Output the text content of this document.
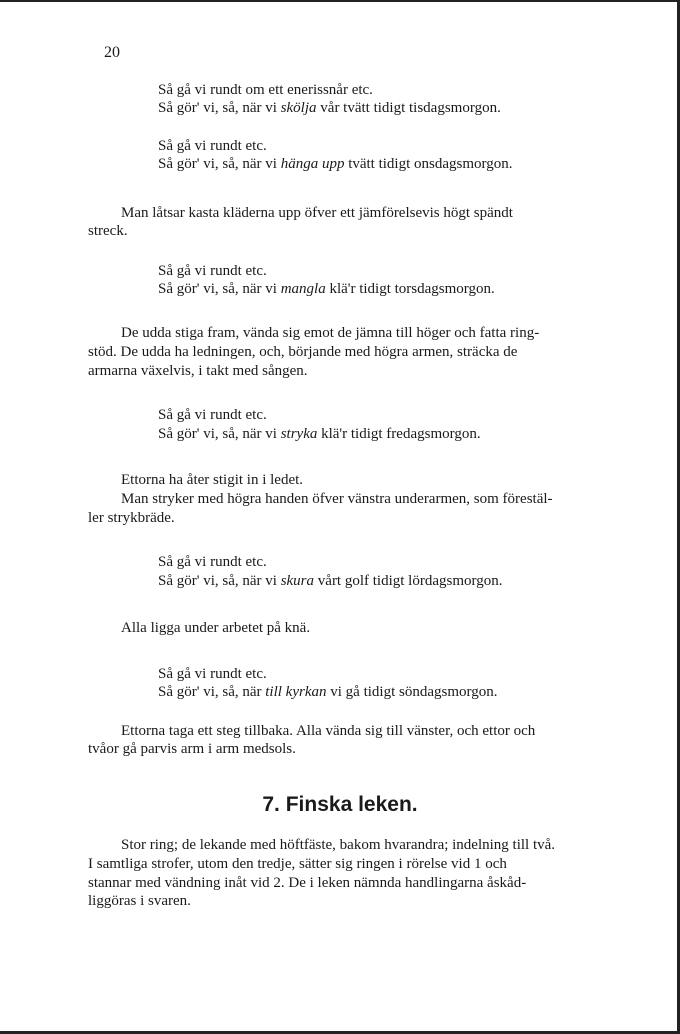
20
Så gå vi rundt om ett enerissnår etc.
Så gör' vi, så, när vi skölja vår tvätt tidigt tisdagsmorgon.
Så gå vi rundt etc.
Så gör' vi, så, när vi hänga upp tvätt tidigt onsdagsmorgon.
Man låtsar kasta kläderna upp öfver ett jämförelsevis högt spändt
streck.
Så gå vi rundt etc.
Så gör' vi, så, när vi mangla klä'r tidigt torsdagsmorgon.
De udda stiga fram, vända sig emot de jämna till höger och fatta ring-
stöd. De udda ha ledningen, och, börjande med högra armen, sträcka de
armarna växelvis, i takt med sången.
Så gå vi rundt etc.
Så gör' vi, så, när vi stryka klä'r tidigt fredagsmorgon.
Ettorna ha åter stigit in i ledet.
Man stryker med högra handen öfver vänstra underarmen, som förestäl-
ler strykbräde.
Så gå vi rundt etc.
Så gör' vi, så, när vi skura vårt golf tidigt lördagsmorgon.
Alla ligga under arbetet på knä.
Så gå vi rundt etc.
Så gör' vi, så, när till kyrkan vi gå tidigt söndagsmorgon.
Ettorna taga ett steg tillbaka. Alla vända sig till vänster, och ettor och
tvåor gå parvis arm i arm medsols.
7. Finska leken.
Stor ring; de lekande med höftfäste, bakom hvarandra; indelning till två.
I samtliga strofer, utom den tredje, sätter sig ringen i rörelse vid 1 och
stannar med vändning inåt vid 2. De i leken nämnda handlingarna åskåd-
liggöras i svaren.
